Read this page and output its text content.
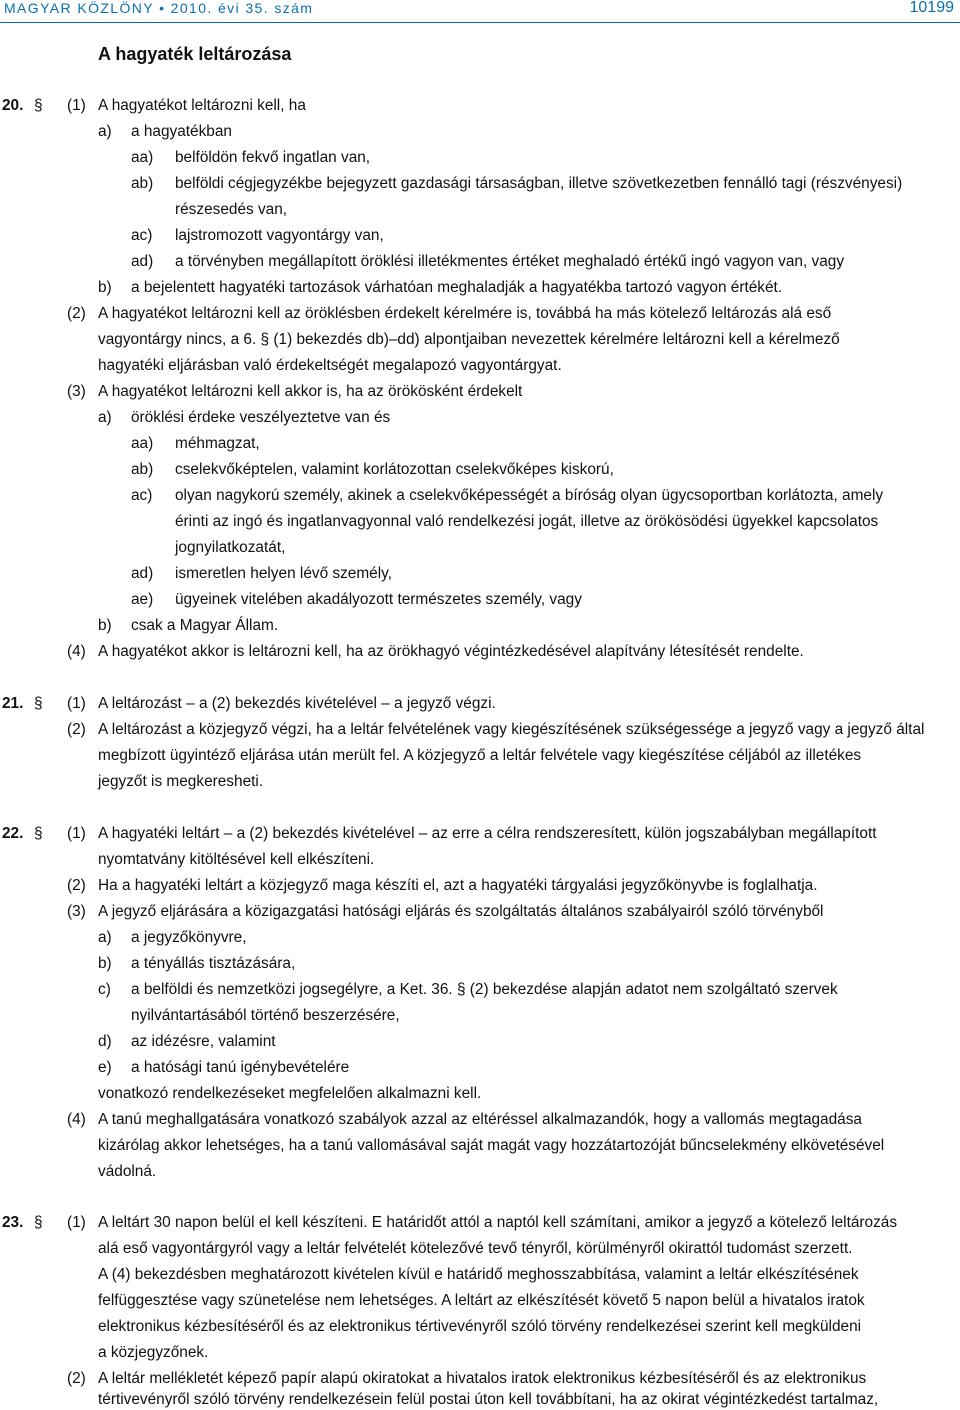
MAGYAR KÖZLÖNY • 2010. évi 35. szám	10199
A hagyaték leltározása
20. § (1) A hagyatékot leltározni kell, ha
a) a hagyatékban
aa) belföldön fekvő ingatlan van,
ab) belföldi cégjegyzékbe bejegyzett gazdasági társaságban, illetve szövetkezetben fennálló tagi (részvényesi)
részesedés van,
ac) lajstromozott vagyontárgy van,
ad) a törvényben megállapított öröklési illetékmentes értéket meghaladó értékű ingó vagyon van, vagy
b) a bejelentett hagyatéki tartozások várhatóan meghaladják a hagyatékba tartozó vagyon értékét.
(2) A hagyatékot leltározni kell az öröklésben érdekelt kérelmére is, továbbá ha más kötelező leltározás alá eső
vagyontárgy nincs, a 6. § (1) bekezdés db)–dd) alpontjaiban nevezettek kérelmére leltározni kell a kérelmező
hagyatéki eljárásban való érdekeltségét megalapozó vagyontárgyat.
(3) A hagyatékot leltározni kell akkor is, ha az örökösként érdekelt
a) öröklési érdeke veszélyeztetve van és
aa) méhmagzat,
ab) cselekvőképtelen, valamint korlátozottan cselekvőképes kiskorú,
ac) olyan nagykorú személy, akinek a cselekvőképességét a bíróság olyan ügycsoportban korlátozta, amely
érinti az ingó és ingatlanvagyonnal való rendelkezési jogát, illetve az örökösödési ügyekkel kapcsolatos
jognyilatkozatát,
ad) ismeretlen helyen lévő személy,
ae) ügyeinek vitelében akadályozott természetes személy, vagy
b) csak a Magyar Állam.
(4) A hagyatékot akkor is leltározni kell, ha az örökhagyó végintézkedésével alapítvány létesítését rendelte.
21. § (1) A leltározást – a (2) bekezdés kivételével – a jegyző végzi.
(2) A leltározást a közjegyző végzi, ha a leltár felvételének vagy kiegészítésének szükségessége a jegyző vagy a jegyző által
megbízott ügyintéző eljárása után merült fel. A közjegyző a leltár felvétele vagy kiegészítése céljából az illetékes
jegyzőt is megkeresheti.
22. § (1) A hagyatéki leltárt – a (2) bekezdés kivételével – az erre a célra rendszeresített, külön jogszabályban megállapított
nyomtatvány kitöltésével kell elkészíteni.
(2) Ha a hagyatéki leltárt a közjegyző maga készíti el, azt a hagyatéki tárgyalási jegyzőkönyvbe is foglalhatja.
(3) A jegyző eljárására a közigazgatási hatósági eljárás és szolgáltatás általános szabályairól szóló törvényből
a) a jegyzőkönyvre,
b) a tényállás tisztázására,
c) a belföldi és nemzetközi jogsegélyre, a Ket. 36. § (2) bekezdése alapján adatot nem szolgáltató szervek
nyilvántartásából történő beszerzésére,
d) az idézésre, valamint
e) a hatósági tanú igénybevételére
vonatkozó rendelkezéseket megfelelően alkalmazni kell.
(4) A tanú meghallgatására vonatkozó szabályok azzal az eltéréssel alkalmazandók, hogy a vallomás megtagadása
kizárólag akkor lehetséges, ha a tanú vallomásával saját magát vagy hozzátartozóját bűncselekmény elkövetésével
vádolná.
23. § (1) A leltárt 30 napon belül el kell készíteni. E határidőt attól a naptól kell számítani, amikor a jegyző a kötelező leltározás
alá eső vagyontárgyról vagy a leltár felvételét kötelezővé tevő tényről, körülményről okirattól tudomást szerzett.
A (4) bekezdésben meghatározott kivételen kívül e határidő meghosszabbítása, valamint a leltár elkészítésének
felfüggesztése vagy szünetelése nem lehetséges. A leltárt az elkészítését követő 5 napon belül a hivatalos iratok
elektronikus kézbesítéséről és az elektronikus tértivevényről szóló törvény rendelkezései szerint kell megküldeni
a közjegyzőnek.
(2) A leltár mellékletét képező papír alapú okiratokat a hivatalos iratok elektronikus kézbesítéséről és az elektronikus
tértivevényről szóló törvény rendelkezésein felül postai úton kell továbbítani, ha az okirat végintézkedést tartalmaz,
